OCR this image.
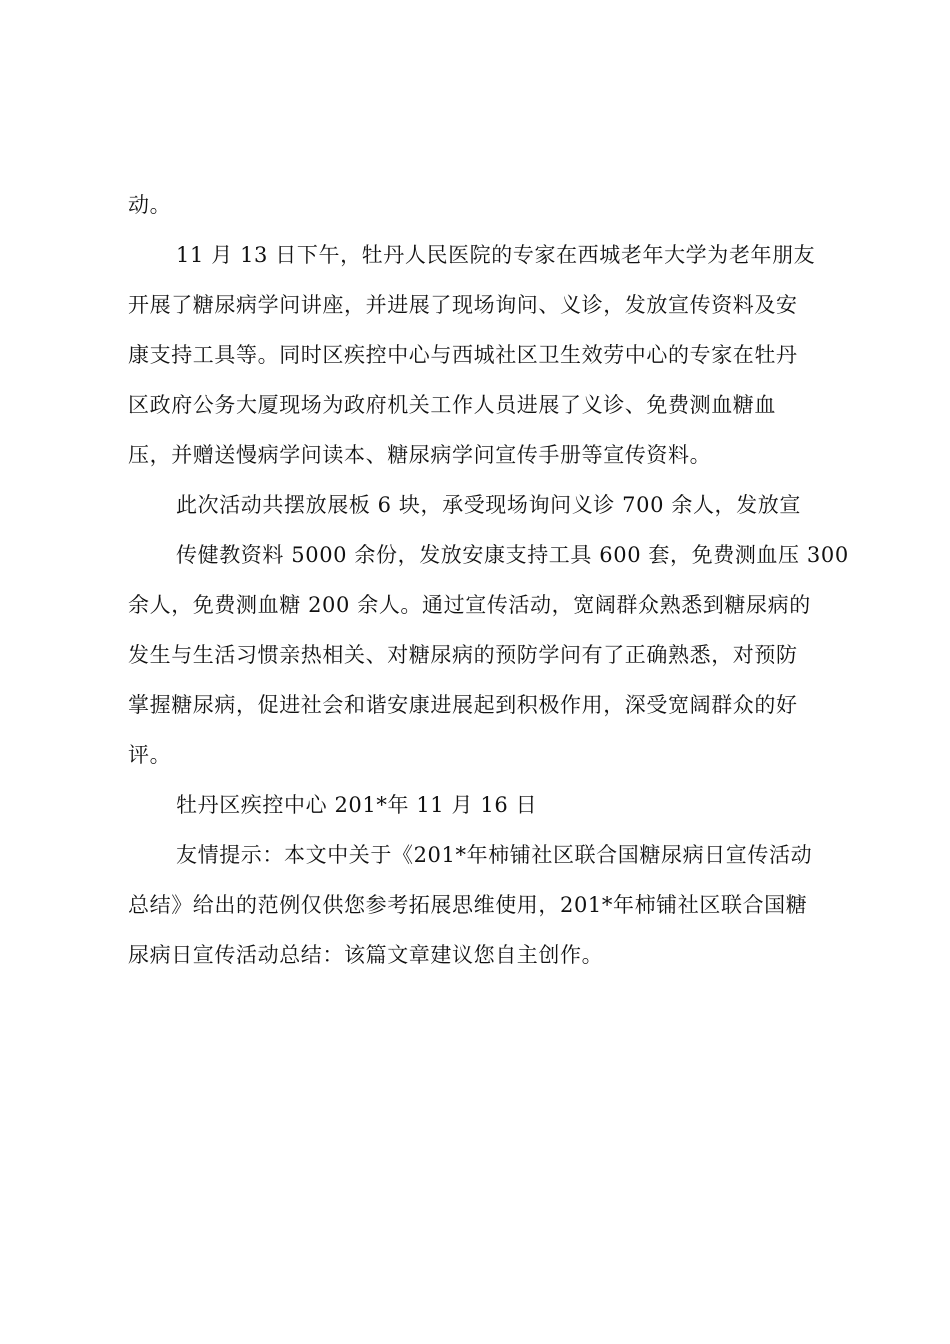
动。
11 月 13 日下午，牡丹人民医院的专家在西城老年大学为老年朋友
开展了糖尿病学问讲座，并进展了现场询问、义诊，发放宣传资料及安
康支持工具等。同时区疾控中心与西城社区卫生效劳中心的专家在牡丹
区政府公务大厦现场为政府机关工作人员进展了义诊、免费测血糖血
压，并赠送慢病学问读本、糖尿病学问宣传手册等宣传资料。
此次活动共摆放展板 6 块，承受现场询问义诊 700 余人，发放宣
传健教资料 5000 余份，发放安康支持工具 600 套，免费测血压 300
余人，免费测血糖 200 余人。通过宣传活动，宽阔群众熟悉到糖尿病的
发生与生活习惯亲热相关、对糖尿病的预防学问有了正确熟悉，对预防
掌握糖尿病，促进社会和谐安康进展起到积极作用，深受宽阔群众的好
评。
牡丹区疾控中心 201*年 11 月 16 日
友情提示：本文中关于《201*年柿铺社区联合国糖尿病日宣传活动
总结》给出的范例仅供您参考拓展思维使用，201*年柿铺社区联合国糖
尿病日宣传活动总结：该篇文章建议您自主创作。
